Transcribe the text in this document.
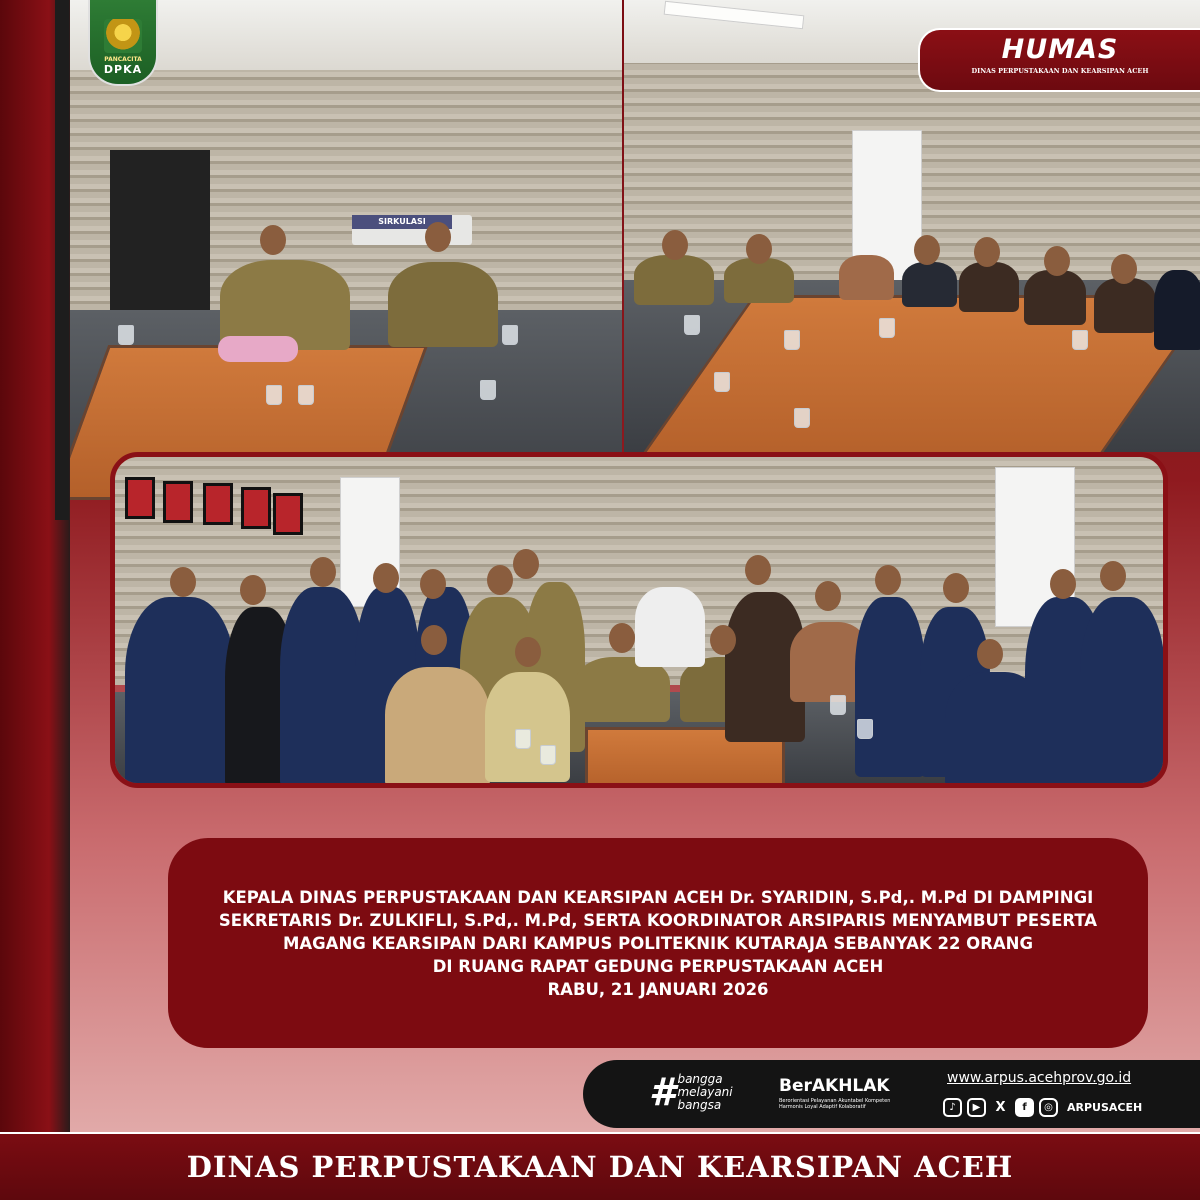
SIRKULASI
PANCACITA
DPKA
HUMAS
DINAS PERPUSTAKAAN DAN KEARSIPAN ACEH
KEPALA DINAS PERPUSTAKAAN DAN KEARSIPAN ACEH Dr. SYARIDIN, S.Pd,. M.Pd DI DAMPINGI
SEKRETARIS Dr. ZULKIFLI, S.Pd,. M.Pd, SERTA KOORDINATOR ARSIPARIS MENYAMBUT PESERTA
MAGANG KEARSIPAN DARI KAMPUS POLITEKNIK KUTARAJA SEBANYAK 22 ORANG
DI RUANG RAPAT GEDUNG PERPUSTAKAAN ACEH
RABU, 21 JANUARI 2026
# bangga
melayani
bangsa
BerAKHLAK
Berorientasi Pelayanan Akuntabel Kompeten
Harmonis Loyal Adaptif Kolaboratif
www.arpus.acehprov.go.id
♪	▶	X	f	◎	ARPUSACEH
DINAS PERPUSTAKAAN DAN KEARSIPAN ACEH
